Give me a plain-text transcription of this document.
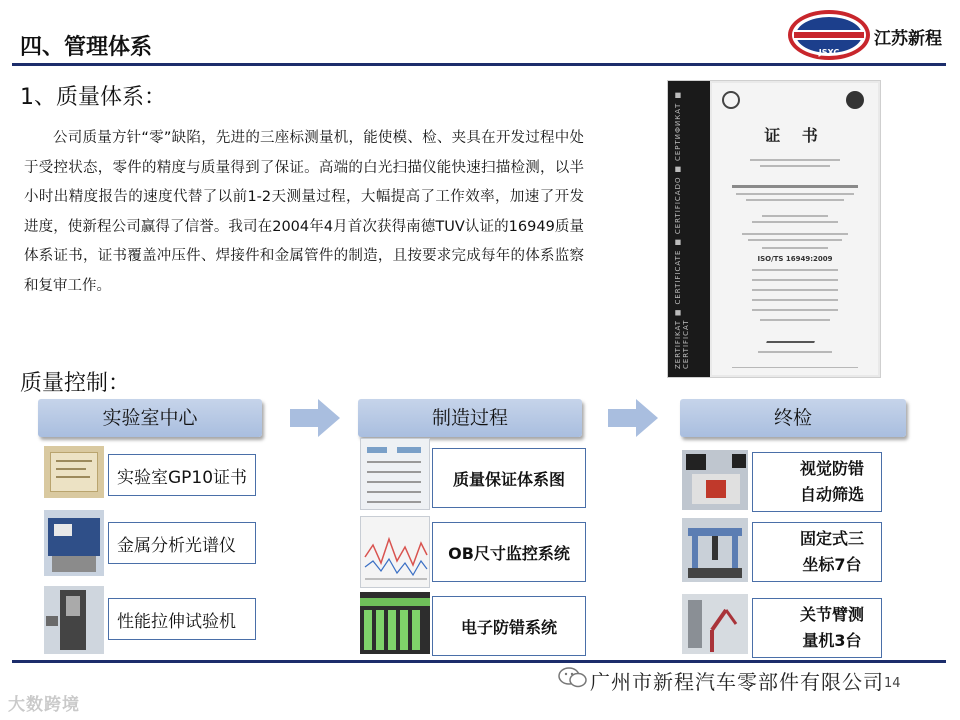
四、管理体系	JSXC
江苏新程
1、质量体系：

公司质量方针“零”缺陷，先进的三座标测量机，能使模、检、夹具在开发过程中处于受控状态，零件的精度与质量得到了保证。高端的白光扫描仪能快速扫描检测，以半小时出精度报告的速度代替了以前1-2天测量过程，大幅提高了工作效率，加速了开发进度，使新程公司赢得了信誉。我司在2004年4月首次获得南德TUV认证的16949质量体系证书，证书覆盖冲压件、焊接件和金属管件的制造，且按要求完成每年的体系监察和复审工作。	ZERTIFIKAT ■ CERTIFICATE ■ CERTIFICADO ■ СЕРТИФИКАТ ■ CERTIFICAT
证 书
ISO/TS 16949:2009
质量控制：
实验室中心	制造过程	终检
实验室GP10证书
金属分析光谱仪
性能拉伸试验机
质量保证体系图
OB尺寸监控系统
电子防错系统
视觉防错
自动筛选
固定式三
坐标7台
关节臂测
量机3台
广州市新程汽车零部件有限公司 14
大数跨境
